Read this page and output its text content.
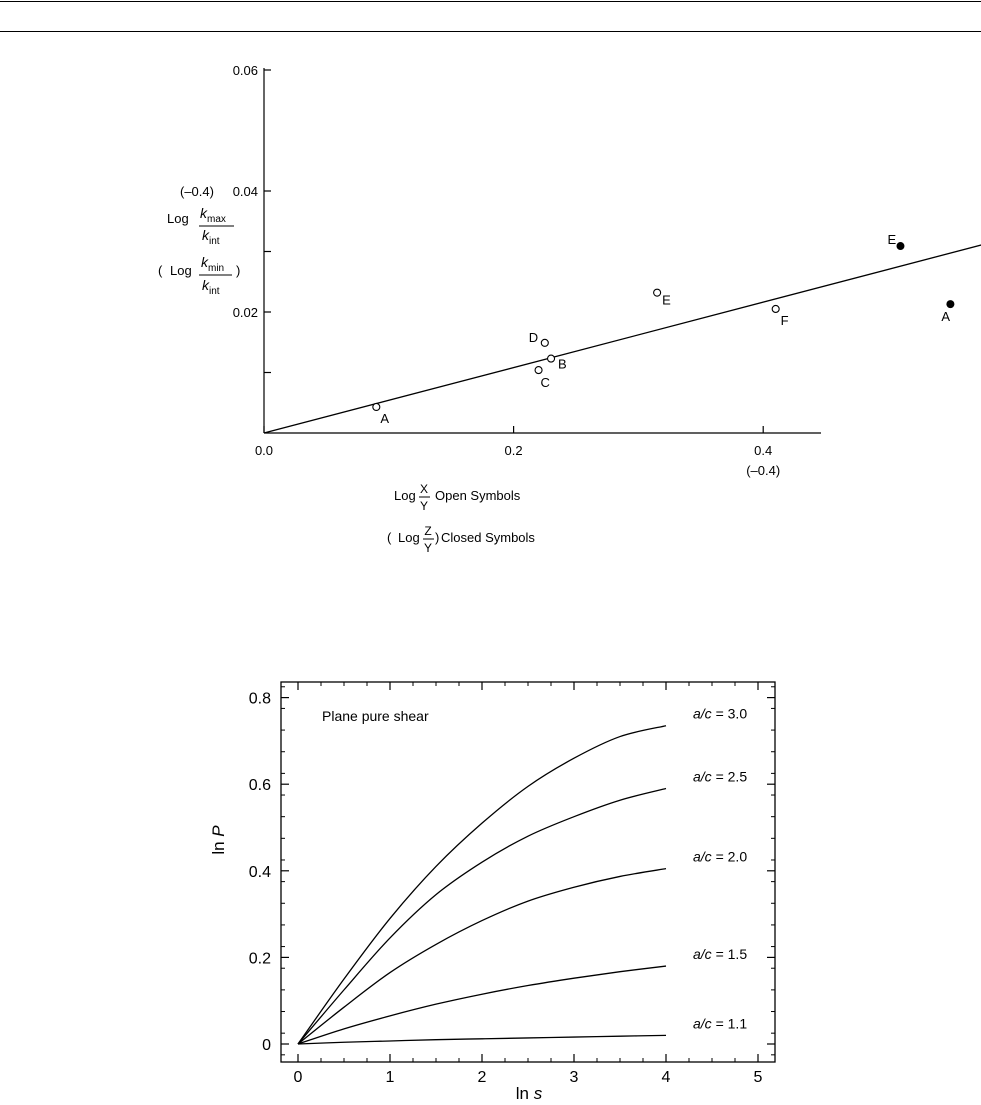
0.02
0.04
0.06
0.0	0.2	0.4
(–0.4)
A
B
C
D
E
F	A
E
(–0.4)
Log $k_{max}$
$k_{int}$
( Log
$k_{min}$
$k_{int}$
)
Log X
Y
Open Symbols
( Log Z
Y
) Closed Symbols
0	1	2	3	4	5
0
0.2
0.4
0.6
0.8
a/c = 3.0
a/c = 2.5
a/c = 2.0
a/c = 1.5
a/c = 1.1
Plane pure shear
ln s
ln P
